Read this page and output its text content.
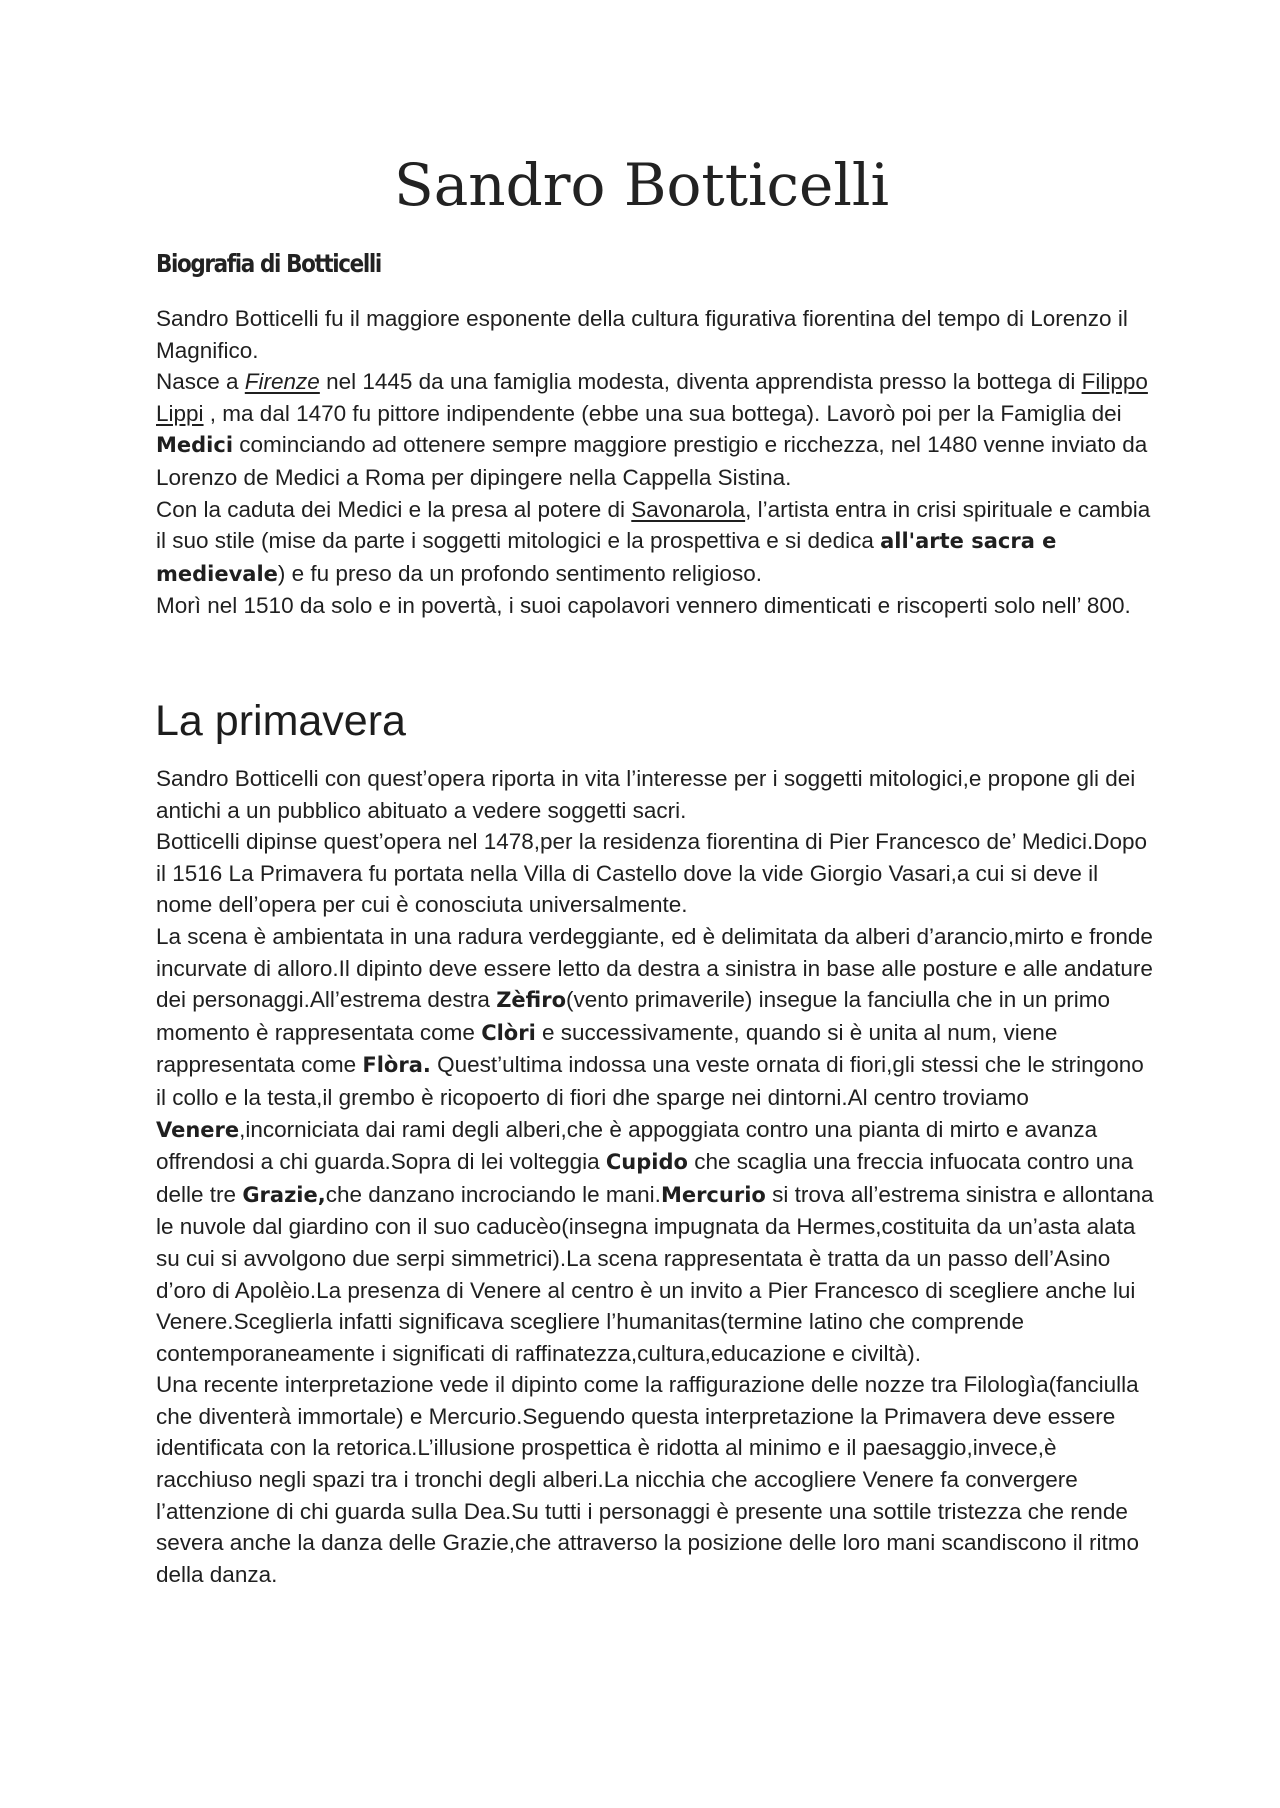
Sandro Botticelli
Biografia di Botticelli

Sandro Botticelli fu il maggiore esponente della cultura figurativa fiorentina del tempo di Lorenzo il Magnifico.

Nasce a Firenze nel 1445 da una famiglia modesta, diventa apprendista presso la bottega di Filippo Lippi , ma dal 1470 fu pittore indipendente (ebbe una sua bottega). Lavorò poi per la Famiglia dei Medici cominciando ad ottenere sempre maggiore prestigio e ricchezza, nel 1480 venne inviato da Lorenzo de Medici a Roma per dipingere nella Cappella Sistina.

Con la caduta dei Medici e la presa al potere di Savonarola, l’artista entra in crisi spirituale e cambia il suo stile (mise da parte i soggetti mitologici e la prospettiva e si dedica all'arte sacra e medievale) e fu preso da un profondo sentimento religioso.

Morì nel 1510 da solo e in povertà, i suoi capolavori vennero dimenticati e riscoperti solo nell’ 800.

La primavera

Sandro Botticelli con quest’opera riporta in vita l’interesse per i soggetti mitologici,e propone gli dei antichi a un pubblico abituato a vedere soggetti sacri.

Botticelli dipinse quest’opera nel 1478,per la residenza fiorentina di Pier Francesco de’ Medici.Dopo il 1516 La Primavera fu portata nella Villa di Castello dove la vide Giorgio Vasari,a cui si deve il nome dell’opera per cui è conosciuta universalmente.

La scena è ambientata in una radura verdeggiante, ed è delimitata da alberi d’arancio,mirto e fronde incurvate di alloro.Il dipinto deve essere letto da destra a sinistra in base alle posture e alle andature dei personaggi.All’estrema destra Zèfiro(vento primaverile) insegue la fanciulla che in un primo momento è rappresentata come Clòri e successivamente, quando si è unita al num, viene rappresentata come Flòra. Quest’ultima indossa una veste ornata di fiori,gli stessi che le stringono il collo e la testa,il grembo è ricopoerto di fiori dhe sparge nei dintorni.Al centro troviamo Venere,incorniciata dai rami degli alberi,che è appoggiata contro una pianta di mirto e avanza offrendosi a chi guarda.Sopra di lei volteggia Cupido che scaglia una freccia infuocata contro una delle tre Grazie,che danzano incrociando le mani.Mercurio si trova all’estrema sinistra e allontana le nuvole dal giardino con il suo caducèo(insegna impugnata da Hermes,costituita da un’asta alata su cui si avvolgono due serpi simmetrici).La scena rappresentata è tratta da un passo dell’Asino d’oro di Apolèio.La presenza di Venere al centro è un invito a Pier Francesco di scegliere anche lui Venere.Sceglierla infatti significava scegliere l’humanitas(termine latino che comprende contemporaneamente i significati di raffinatezza,cultura,educazione e civiltà).

Una recente interpretazione vede il dipinto come la raffigurazione delle nozze tra Filologìa(fanciulla che diventerà immortale) e Mercurio.Seguendo questa interpretazione la Primavera deve essere identificata con la retorica.L’illusione prospettica è ridotta al minimo e il paesaggio,invece,è racchiuso negli spazi tra i tronchi degli alberi.La nicchia che accogliere Venere fa convergere l’attenzione di chi guarda sulla Dea.Su tutti i personaggi è presente una sottile tristezza che rende severa anche la danza delle Grazie,che attraverso la posizione delle loro mani scandiscono il ritmo della danza.
